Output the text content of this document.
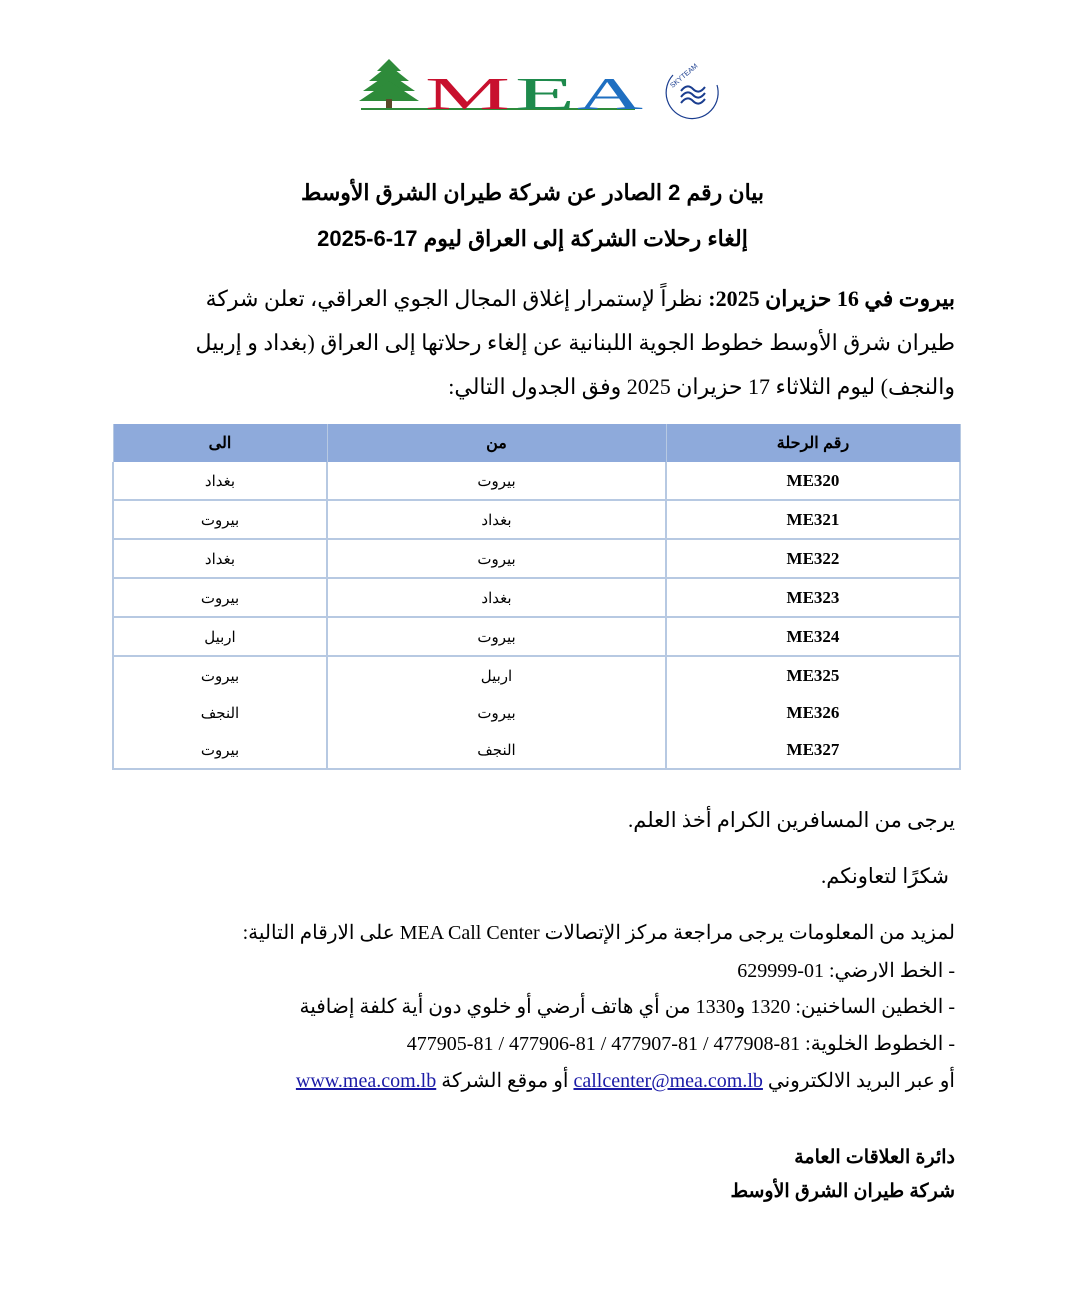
M E A	SKYTEAM
بيان رقم 2 الصادر عن شركة طيران الشرق الأوسط
إلغاء رحلات الشركة إلى العراق ليوم 17-6-2025
بيروت في 16 حزيران 2025: نظراً لإستمرار إغلاق المجال الجوي العراقي، تعلن شركة طيران شرق الأوسط خطوط الجوية اللبنانية عن إلغاء رحلاتها إلى العراق (بغداد و إربيل والنجف) ليوم الثلاثاء 17 حزيران 2025 وفق الجدول التالي:
رقم الرحلة	من	الى
ME320	بيروت	بغداد
ME321	بغداد	بيروت
ME322	بيروت	بغداد
ME323	بغداد	بيروت
ME324	بيروت	اربيل
ME325	اربيل	بيروت
ME326	بيروت	النجف
ME327	النجف	بيروت
يرجى من المسافرين الكرام أخذ العلم.
شكرًا لتعاونكم.
لمزيد من المعلومات يرجى مراجعة مركز الإتصالات MEA Call Center على الارقام التالية:
- الخط الارضي: 01-629999
- الخطين الساخنين: 1320 و1330 من أي هاتف أرضي أو خلوي دون أية كلفة إضافية
- الخطوط الخلوية: 81-477908 / 81-477907 / 81-477906 / 81-477905
أو عبر البريد الالكتروني callcenter@mea.com.lb أو موقع الشركة www.mea.com.lb
دائرة العلاقات العامة
شركة طيران الشرق الأوسط
